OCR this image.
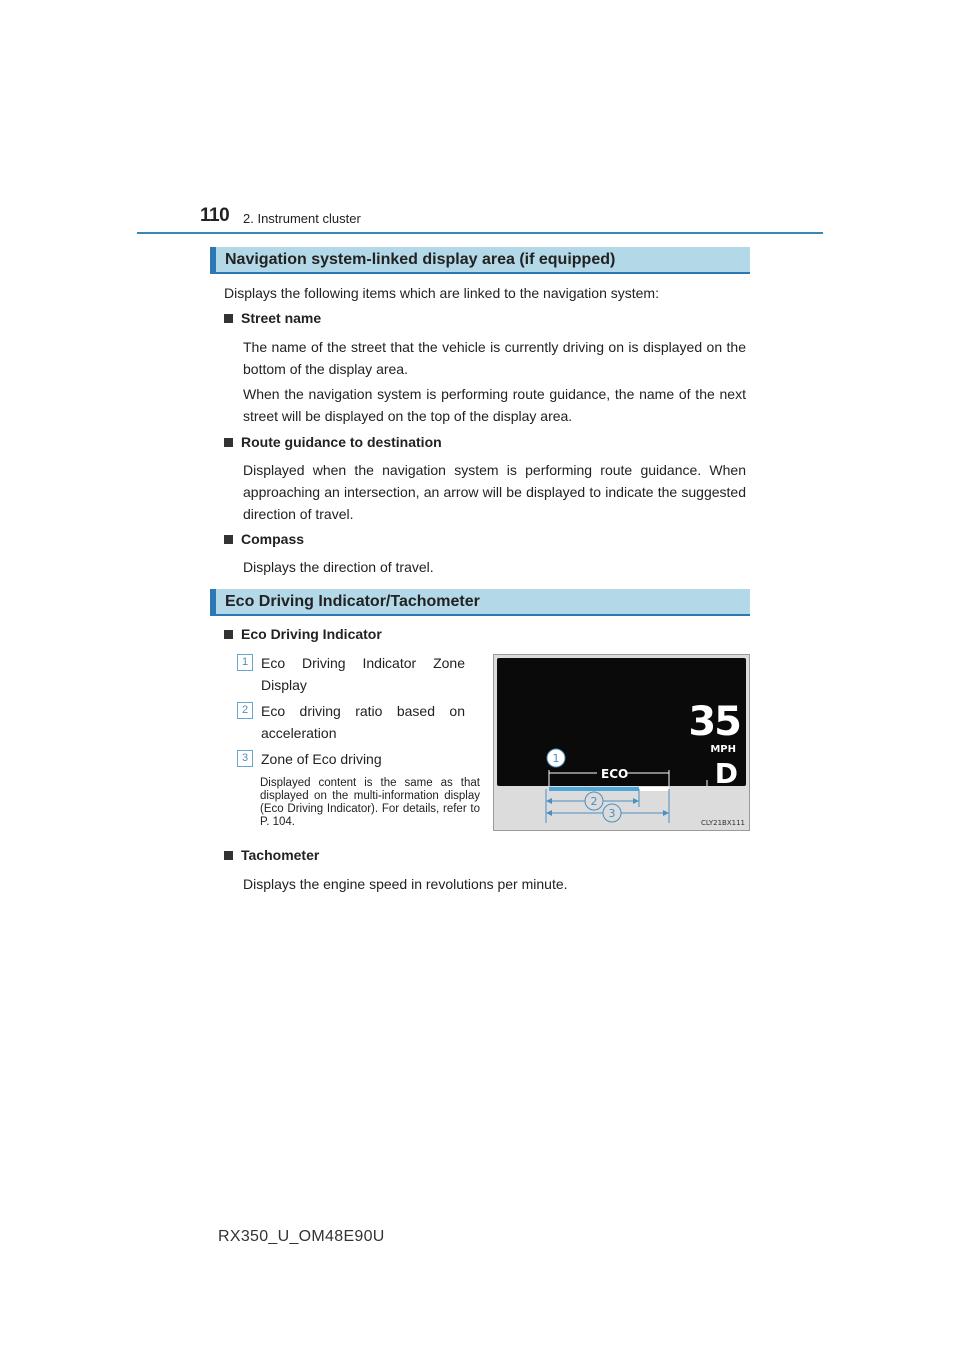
110 2. Instrument cluster
Navigation system-linked display area (if equipped)
Displays the following items which are linked to the navigation system:
Street name
The name of the street that the vehicle is currently driving on is displayed on the bottom of the display area.
When the navigation system is performing route guidance, the name of the next street will be displayed on the top of the display area.
Route guidance to destination
Displayed when the navigation system is performing route guidance. When approaching an intersection, an arrow will be displayed to indicate the suggested direction of travel.
Compass
Displays the direction of travel.
Eco Driving Indicator/Tachometer
Eco Driving Indicator
1 Eco Driving Indicator Zone Display
2 Eco driving ratio based on acceleration
3 Zone of Eco driving
Displayed content is the same as that displayed on the multi-information display (Eco Driving Indicator). For details, refer to P. 104.
35
MPH
D
ECO
1
2
3
CLY21BX111
Tachometer
Displays the engine speed in revolutions per minute.
RX350_U_OM48E90U
